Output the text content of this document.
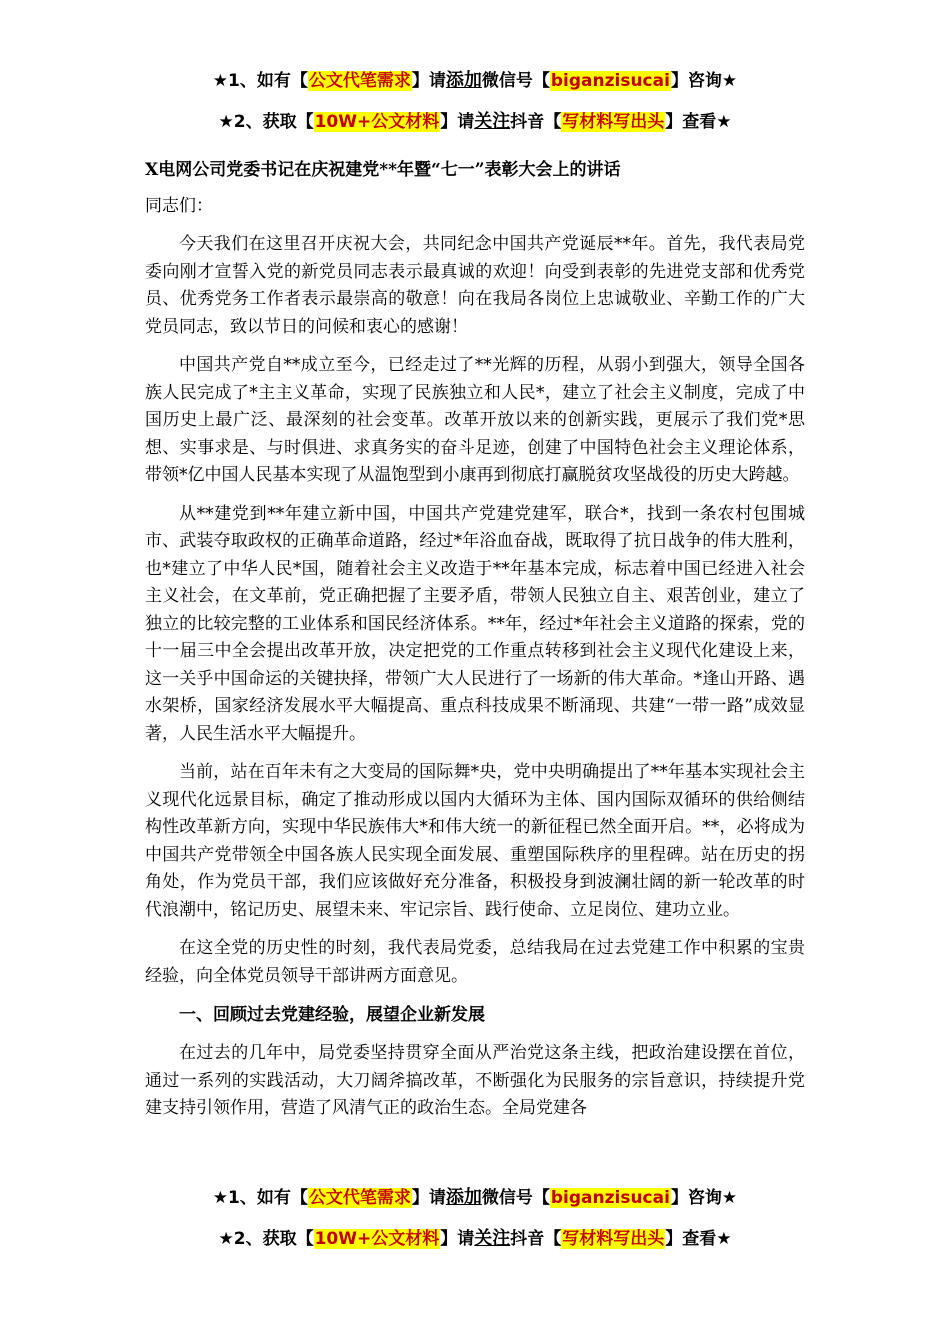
★1、如有【公文代笔需求】请添加微信号【biganzisucai】咨询★
★2、获取【10W+公文材料】请关注抖音【写材料写出头】查看★
X电网公司党委书记在庆祝建党**年暨“七一”表彰大会上的讲话
同志们：

今天我们在这里召开庆祝大会，共同纪念中国共产党诞辰**年。首先，我代表局党委向刚才宣誓入党的新党员同志表示最真诚的欢迎！向受到表彰的先进党支部和优秀党员、优秀党务工作者表示最崇高的敬意！向在我局各岗位上忠诚敬业、辛勤工作的广大党员同志，致以节日的问候和衷心的感谢！

中国共产党自**成立至今，已经走过了**光辉的历程，从弱小到强大，领导全国各族人民完成了*主主义革命，实现了民族独立和人民*，建立了社会主义制度，完成了中国历史上最广泛、最深刻的社会变革。改革开放以来的创新实践，更展示了我们党*思想、实事求是、与时俱进、求真务实的奋斗足迹，创建了中国特色社会主义理论体系，带领*亿中国人民基本实现了从温饱型到小康再到彻底打赢脱贫攻坚战役的历史大跨越。

从**建党到**年建立新中国，中国共产党建党建军，联合*，找到一条农村包围城市、武装夺取政权的正确革命道路，经过*年浴血奋战，既取得了抗日战争的伟大胜利，也*建立了中华人民*国，随着社会主义改造于**年基本完成，标志着中国已经进入社会主义社会，在文革前，党正确把握了主要矛盾，带领人民独立自主、艰苦创业，建立了独立的比较完整的工业体系和国民经济体系。**年，经过*年社会主义道路的探索，党的十一届三中全会提出改革开放，决定把党的工作重点转移到社会主义现代化建设上来，这一关乎中国命运的关键抉择，带领广大人民进行了一场新的伟大革命。*逢山开路、遇水架桥，国家经济发展水平大幅提高、重点科技成果不断涌现、共建“一带一路”成效显著，人民生活水平大幅提升。

当前，站在百年未有之大变局的国际舞*央，党中央明确提出了**年基本实现社会主义现代化远景目标，确定了推动形成以国内大循环为主体、国内国际双循环的供给侧结构性改革新方向，实现中华民族伟大*和伟大统一的新征程已然全面开启。**，必将成为中国共产党带领全中国各族人民实现全面发展、重塑国际秩序的里程碑。站在历史的拐角处，作为党员干部，我们应该做好充分准备，积极投身到波澜壮阔的新一轮改革的时代浪潮中，铭记历史、展望未来、牢记宗旨、践行使命、立足岗位、建功立业。

在这全党的历史性的时刻，我代表局党委，总结我局在过去党建工作中积累的宝贵经验，向全体党员领导干部讲两方面意见。

一、回顾过去党建经验，展望企业新发展

在过去的几年中，局党委坚持贯穿全面从严治党这条主线，把政治建设摆在首位，通过一系列的实践活动，大刀阔斧搞改革，不断强化为民服务的宗旨意识，持续提升党建支持引领作用，营造了风清气正的政治生态。全局党建各

★1、如有【公文代笔需求】请添加微信号【biganzisucai】咨询★
★2、获取【10W+公文材料】请关注抖音【写材料写出头】查看★
